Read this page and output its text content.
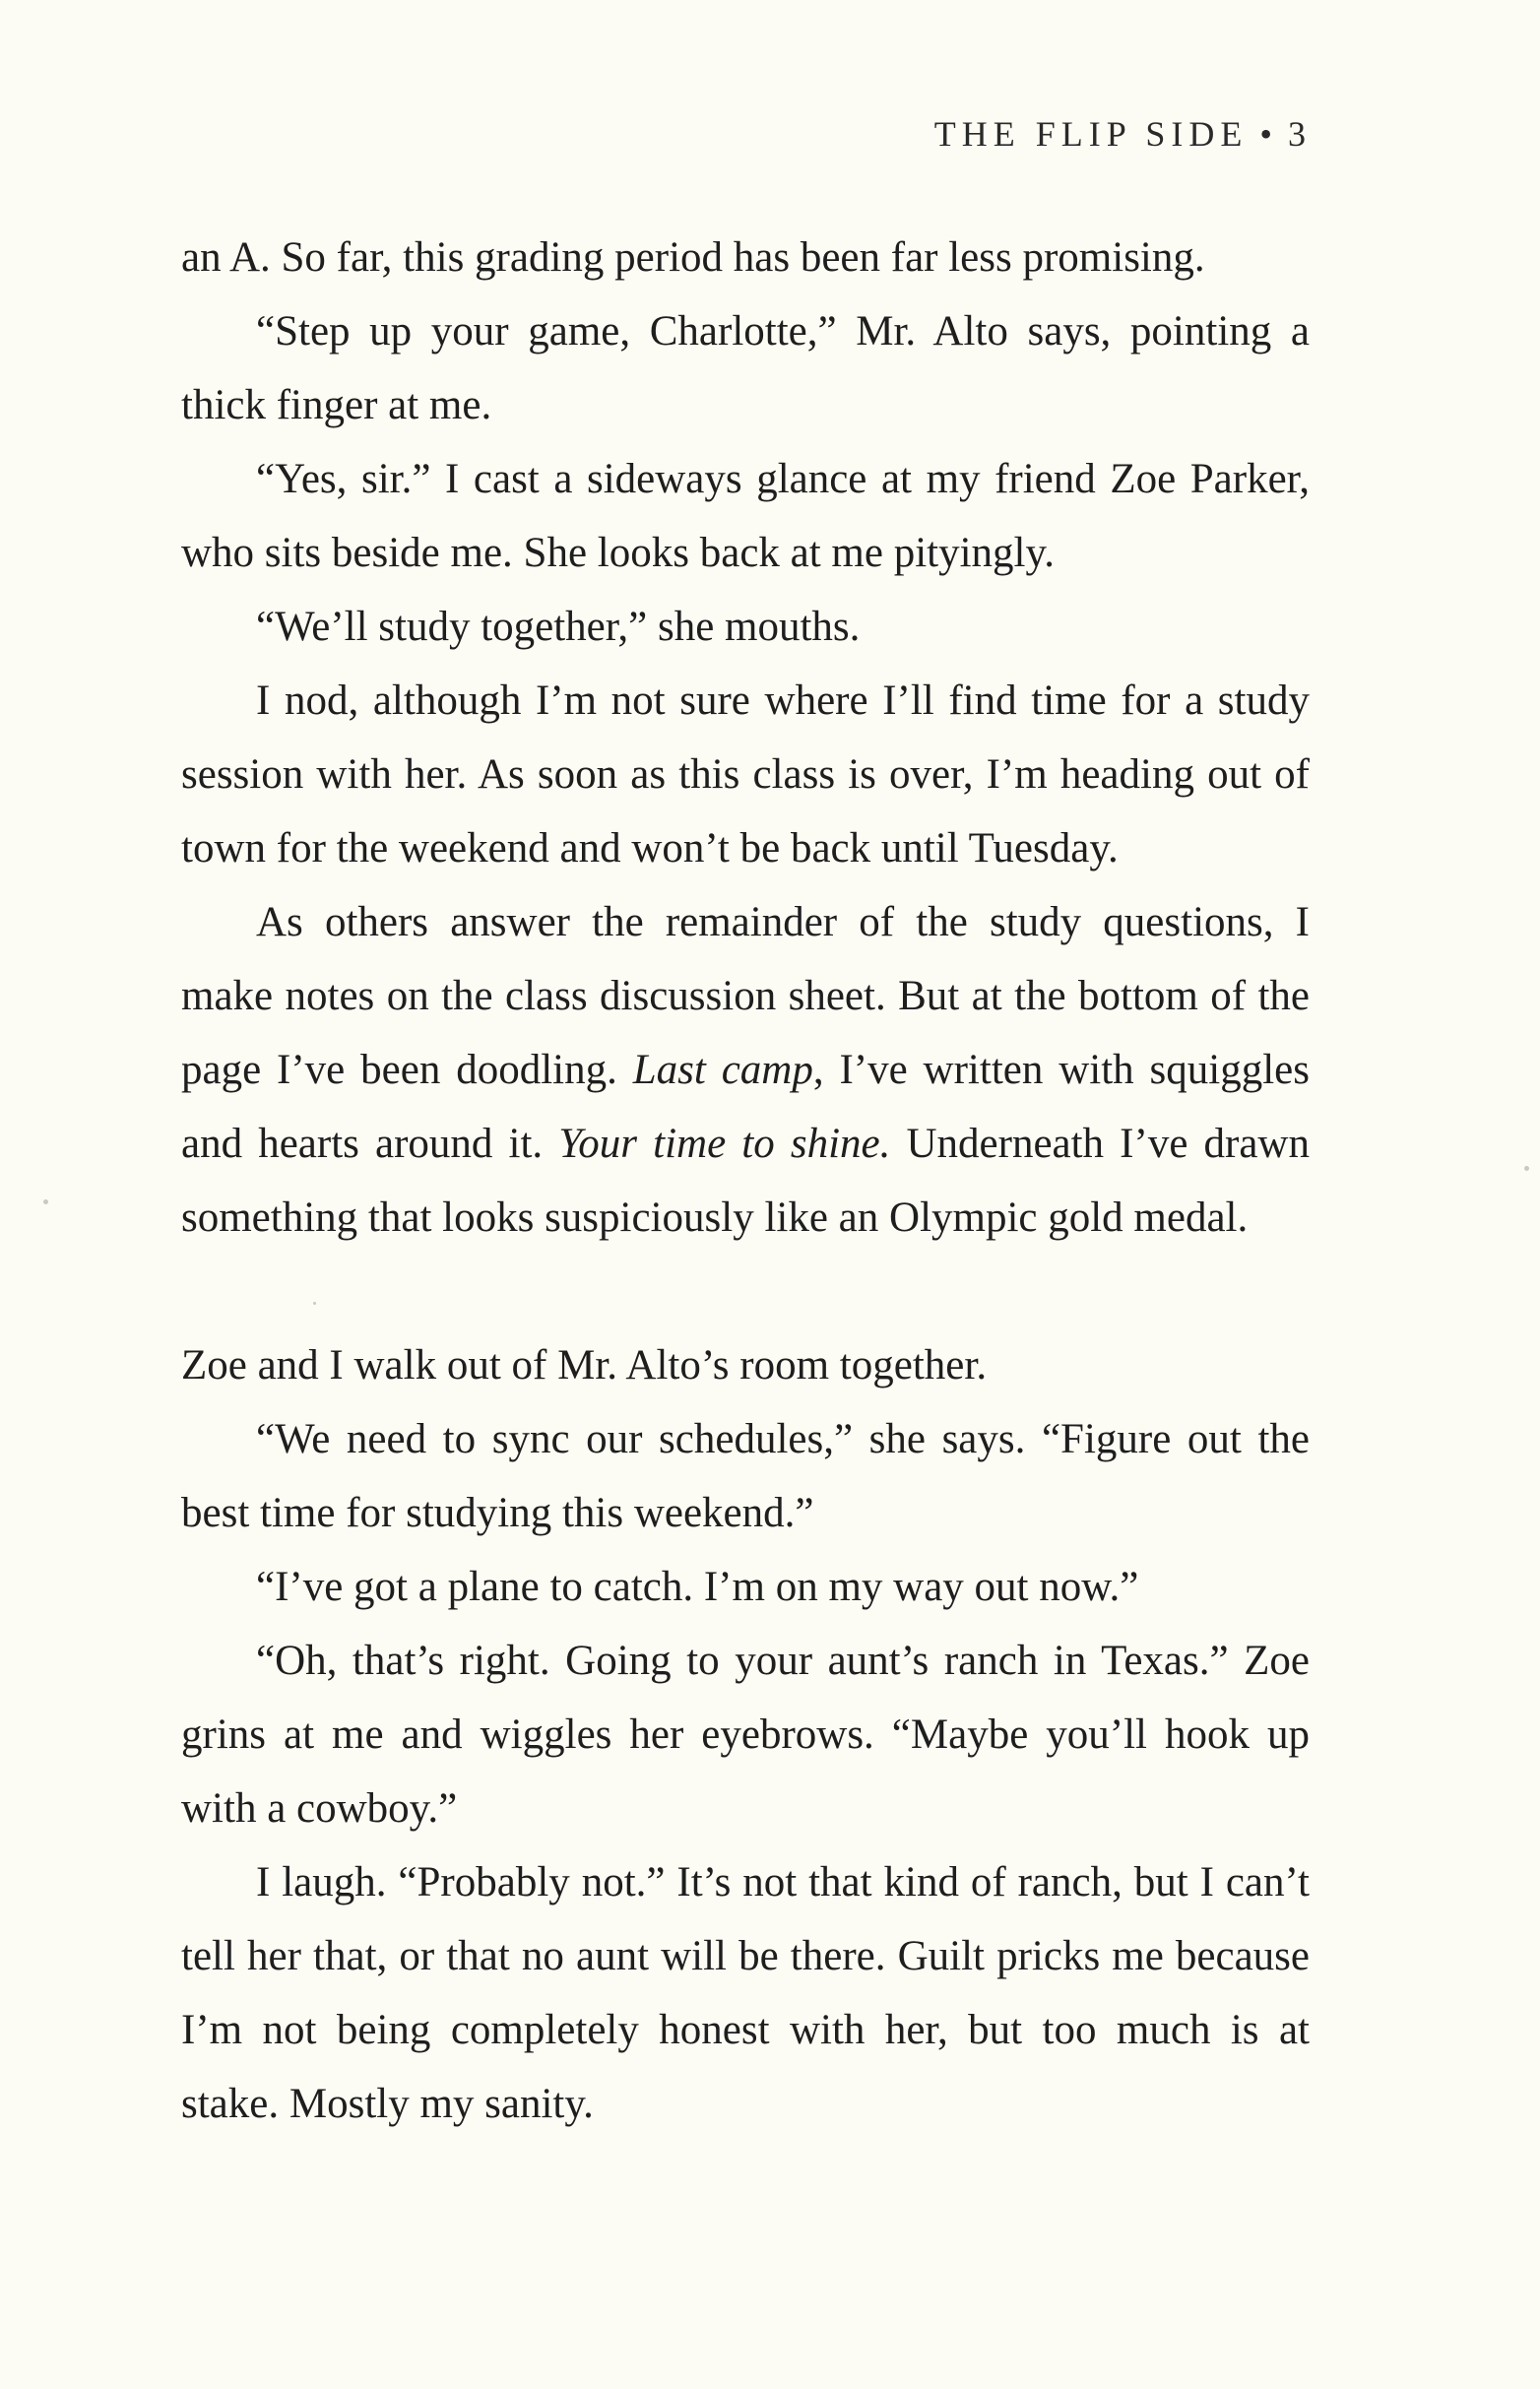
THE FLIP SIDE • 3

an A. So far, this grading period has been far less promising.

“Step up your game, Charlotte,” Mr. Alto says, pointing a thick finger at me.

“Yes, sir.” I cast a sideways glance at my friend Zoe Parker, who sits beside me. She looks back at me pityingly.

“We’ll study together,” she mouths.

I nod, although I’m not sure where I’ll find time for a study session with her. As soon as this class is over, I’m heading out of town for the weekend and won’t be back until Tuesday.

As others answer the remainder of the study questions, I make notes on the class discussion sheet. But at the bottom of the page I’ve been doodling. Last camp, I’ve written with squiggles and hearts around it. Your time to shine. Underneath I’ve drawn something that looks suspiciously like an Olympic gold medal.

Zoe and I walk out of Mr. Alto’s room together.

“We need to sync our schedules,” she says. “Figure out the best time for studying this weekend.”

“I’ve got a plane to catch. I’m on my way out now.”

“Oh, that’s right. Going to your aunt’s ranch in Texas.” Zoe grins at me and wiggles her eyebrows. “Maybe you’ll hook up with a cowboy.”

I laugh. “Probably not.” It’s not that kind of ranch, but I can’t tell her that, or that no aunt will be there. Guilt pricks me because I’m not being completely honest with her, but too much is at stake. Mostly my sanity.
